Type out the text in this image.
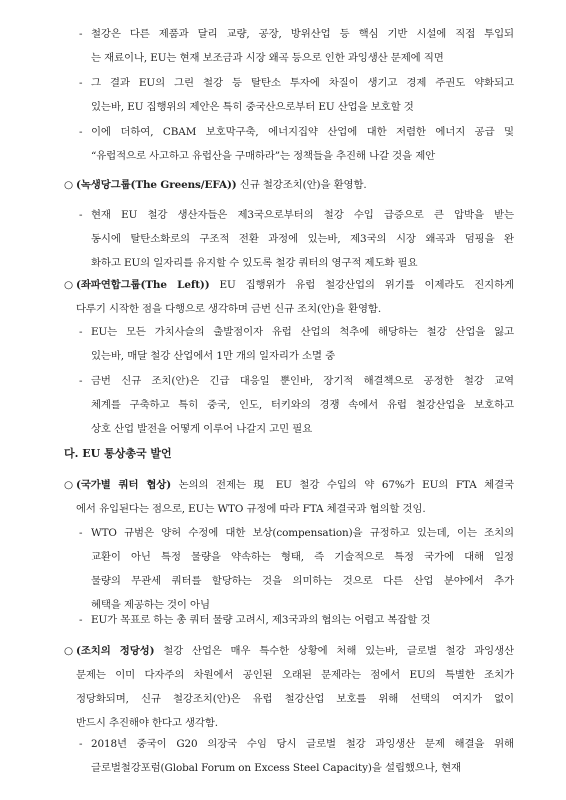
- 철강은 다른 제품과 달리 교량, 공장, 방위산업 등 핵심 기반 시설에 직접 투입되
는 재료이나, EU는 현재 보조금과 시장 왜곡 등으로 인한 과잉생산 문제에 직면
- 그 결과 EU의 그린 철강 등 탈탄소 투자에 차질이 생기고 경제 주권도 약화되고
있는바, EU 집행위의 제안은 특히 중국산으로부터 EU 산업을 보호할 것
- 이에 더하여, CBAM 보호막구축, 에너지집약 산업에 대한 저렴한 에너지 공급 및
“유럽적으로 사고하고 유럽산을 구매하라”는 정책들을 추진해 나갈 것을 제안
○ (녹생당그룹(The Greens/EFA)) 신규 철강조치(안)을 환영함.
- 현재 EU 철강 생산자들은 제3국으로부터의 철강 수입 급증으로 큰 압박을 받는
동시에 탈탄소화로의 구조적 전환 과정에 있는바, 제3국의 시장 왜곡과 덤핑을 완
화하고 EU의 일자리를 유지할 수 있도록 철강 쿼터의 영구적 제도화 필요
○ (좌파연합그룹(The Left)) EU 집행위가 유럽 철강산업의 위기를 이제라도 진지하게
다루기 시작한 점을 다행으로 생각하며 금번 신규 조치(안)을 환영함.
- EU는 모든 가치사슬의 출발점이자 유럽 산업의 척추에 해당하는 철강 산업을 잃고
있는바, 매달 철강 산업에서 1만 개의 일자리가 소멸 중
- 금번 신규 조치(안)은 긴급 대응일 뿐인바, 장기적 해결책으로 공정한 철강 교역
체계를 구축하고 특히 중국, 인도, 터키와의 경쟁 속에서 유럽 철강산업을 보호하고
상호 산업 발전을 어떻게 이루어 나갈지 고민 필요
다. EU 통상총국 발언
○ (국가별 쿼터 협상) 논의의 전제는 現 EU 철강 수입의 약 67%가 EU의 FTA 체결국
에서 유입된다는 점으로, EU는 WTO 규정에 따라 FTA 체결국과 협의할 것임.
- WTO 규범은 양허 수정에 대한 보상(compensation)을 규정하고 있는데, 이는 조치의
교환이 아닌 특정 물량을 약속하는 형태, 즉 기술적으로 특정 국가에 대해 일정
물량의 무관세 쿼터를 할당하는 것을 의미하는 것으로 다른 산업 분야에서 추가
혜택을 제공하는 것이 아님
- EU가 목표로 하는 총 쿼터 물량 고려시, 제3국과의 협의는 어렵고 복잡할 것
○ (조치의 정당성) 철강 산업은 매우 특수한 상황에 처해 있는바, 글로벌 철강 과잉생산
문제는 이미 다자주의 차원에서 공인된 오래된 문제라는 점에서 EU의 특별한 조치가
정당화되며, 신규 철강조치(안)은 유럽 철강산업 보호를 위해 선택의 여지가 없이
반드시 추진해야 한다고 생각함.
- 2018년 중국이 G20 의장국 수임 당시 글로벌 철강 과잉생산 문제 해결을 위해
글로벌철강포럼(Global Forum on Excess Steel Capacity)을 설립했으나, 현재
